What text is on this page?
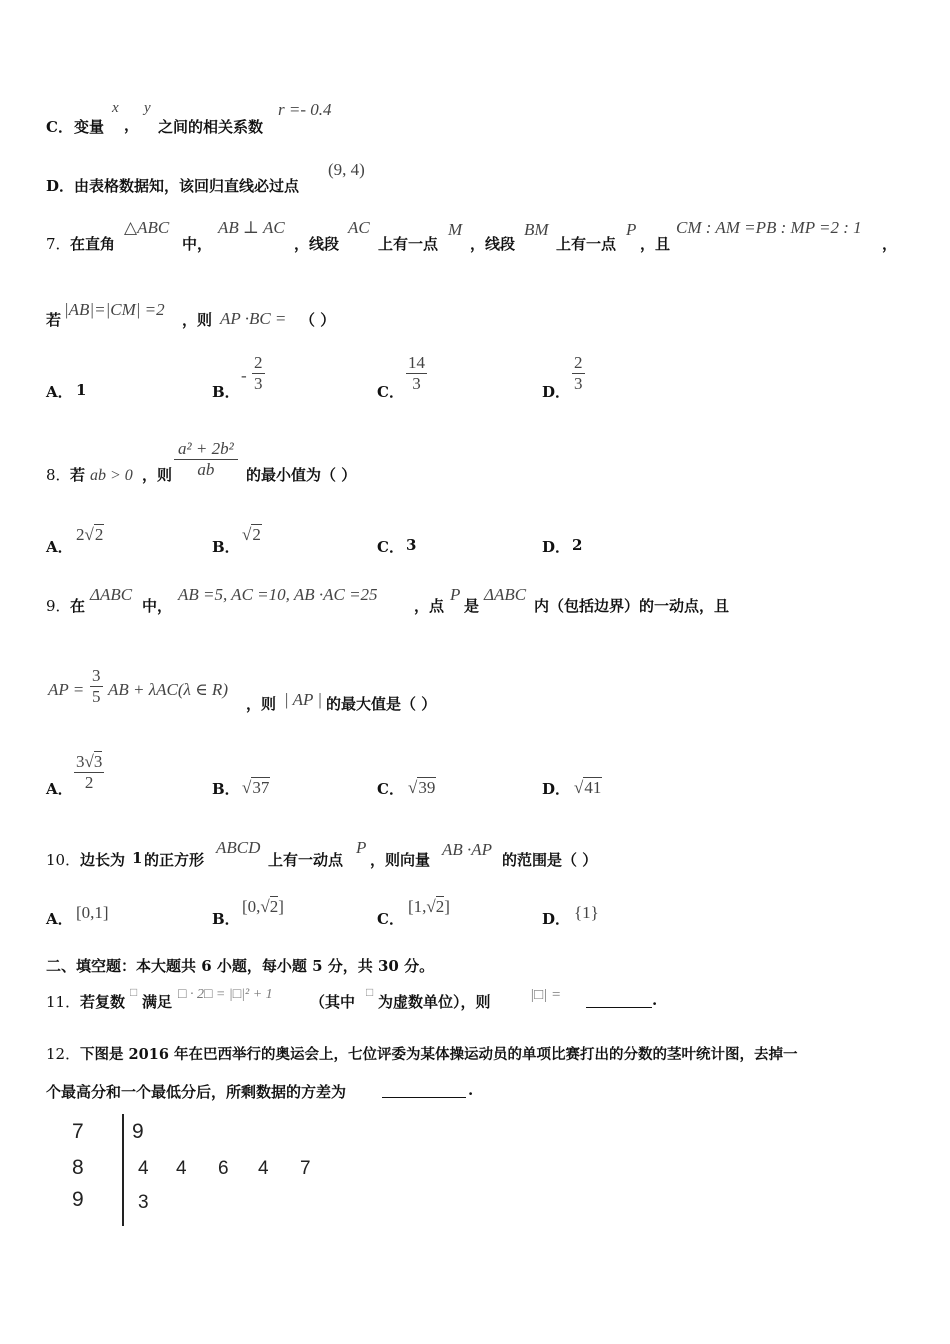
C． 变量
x
，
y
之间的相关系数
r =- 0.4
D． 由表格数据知，该回归直线必过点
(9, 4)
7． 在直角
△ABC
中，
AB ⊥ AC
，线段
AC
上有一点
M
，线段
BM
上有一点
P
，且
CM : AM =PB : MP =2 : 1
，
若
|AB|=|CM| =2
，则 AP ·BC = （ ）
A． 1	B．
- $\frac{2}{3}$	C． $\frac{14}{3}$	D． $\frac{2}{3}$
8． 若 ab > 0 ，则 $\frac{\text{a² + 2b²}}{ab}$ 的最小值为（ ）
A．
2√2
B．
√2
C． 3	D． 2
9． 在
ΔABC
中，
AB =5, AC =10, AB ·AC =25
，点
P
是
ΔABC
内（包括边界）的一动点，且
AP = $\frac{3}{5}$ AB + λAC(λ ∈ R)
，则 | AP | 的最大值是（ ）
A． $\frac{3√3}{2}$	B． √37	C． √39	D． √41
10． 边长为 1 的正方形
ABCD
上有一动点
P
，则向量
AB ·AP
的范围是（ ）
A． [0,1]	B．
[0,√2]
C．
[1,√2]
D． {1}
二、填空题：本大题共 6 小题，每小题 5 分，共 30 分。
11． 若复数
□
满足 □ · 2□ = |□|² + 1 （其中
□
为虚数单位），则	|□| =	.
12． 下图是 2016 年在巴西举行的奥运会上，七位评委为某体操运动员的单项比赛打出的分数的茎叶统计图，去掉一
个最高分和一个最低分后，所剩数据的方差为	.
7 9
8	4 4 6 4 7
9	3
